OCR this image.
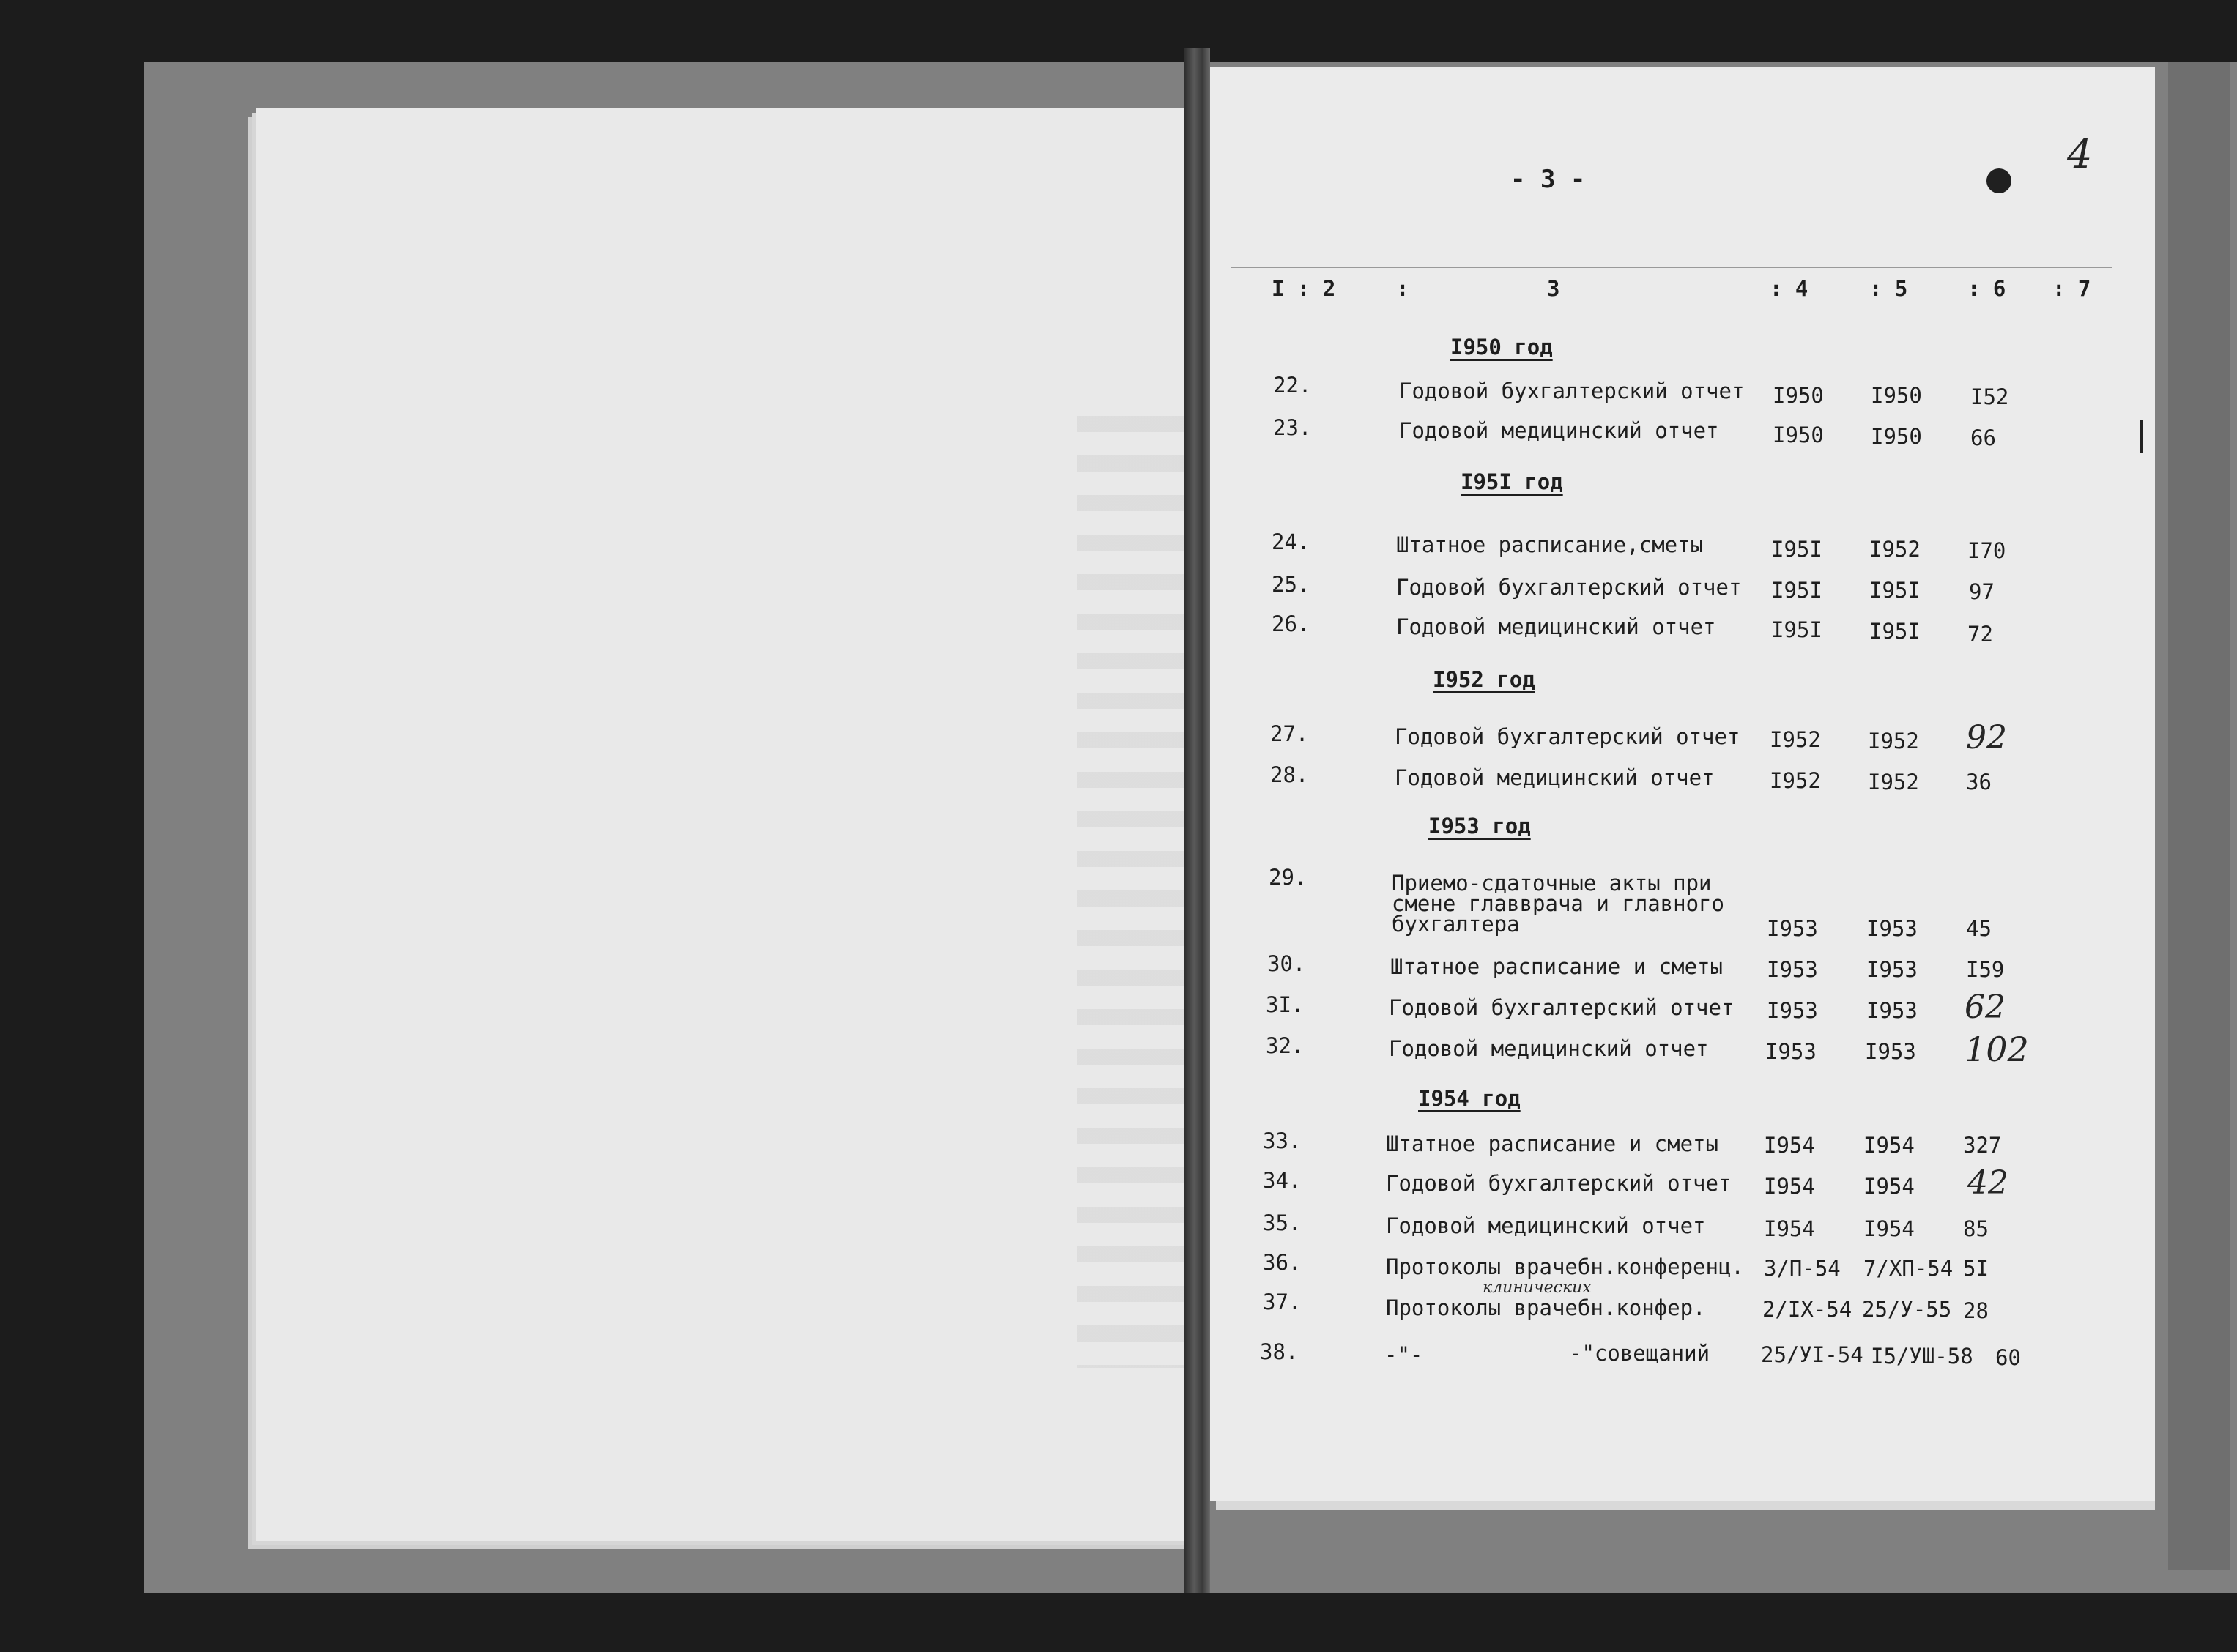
- 3 -
4
I : 2	:	3	: 4	: 5	: 6 : 7
I950 год
I95I год
I952 год
I953 год
I954 год
22.	Годовой бухгалтерский отчет I950 I950 I52
23.	Годовой медицинский отчет	I950 I950 66
24.	Штатное расписание,сметы	I95I I952 I70
25.	Годовой бухгалтерский отчет I95I I95I 97
26.	Годовой медицинский отчет	I95I I95I 72
27.	Годовой бухгалтерский отчет I952 I952 92
28.	Годовой медицинский отчет	I952 I952 36
29.	Приемо-сдаточные акты при
смене главврача и главного
бухгалтера	I953 I953 45
30.	Штатное расписание и сметы I953 I953 I59
3I.	Годовой бухгалтерский отчет I953 I953 62
32.	Годовой медицинский отчет	I953 I953 102
33.	Штатное расписание и сметы I954 I954 327
34.	Годовой бухгалтерский отчет I954 I954 42
35.	Годовой медицинский отчет	I954 I954 85
36.	Протоколы врачебн.конференц. 3/П-54 7/ХП-54 5I
клинических
37.	Протоколы врачебн.конфер.	2/IХ-54 25/У-55 28
38.	-"-	-"совещаний 25/УI-54 I5/УШ-58 60
